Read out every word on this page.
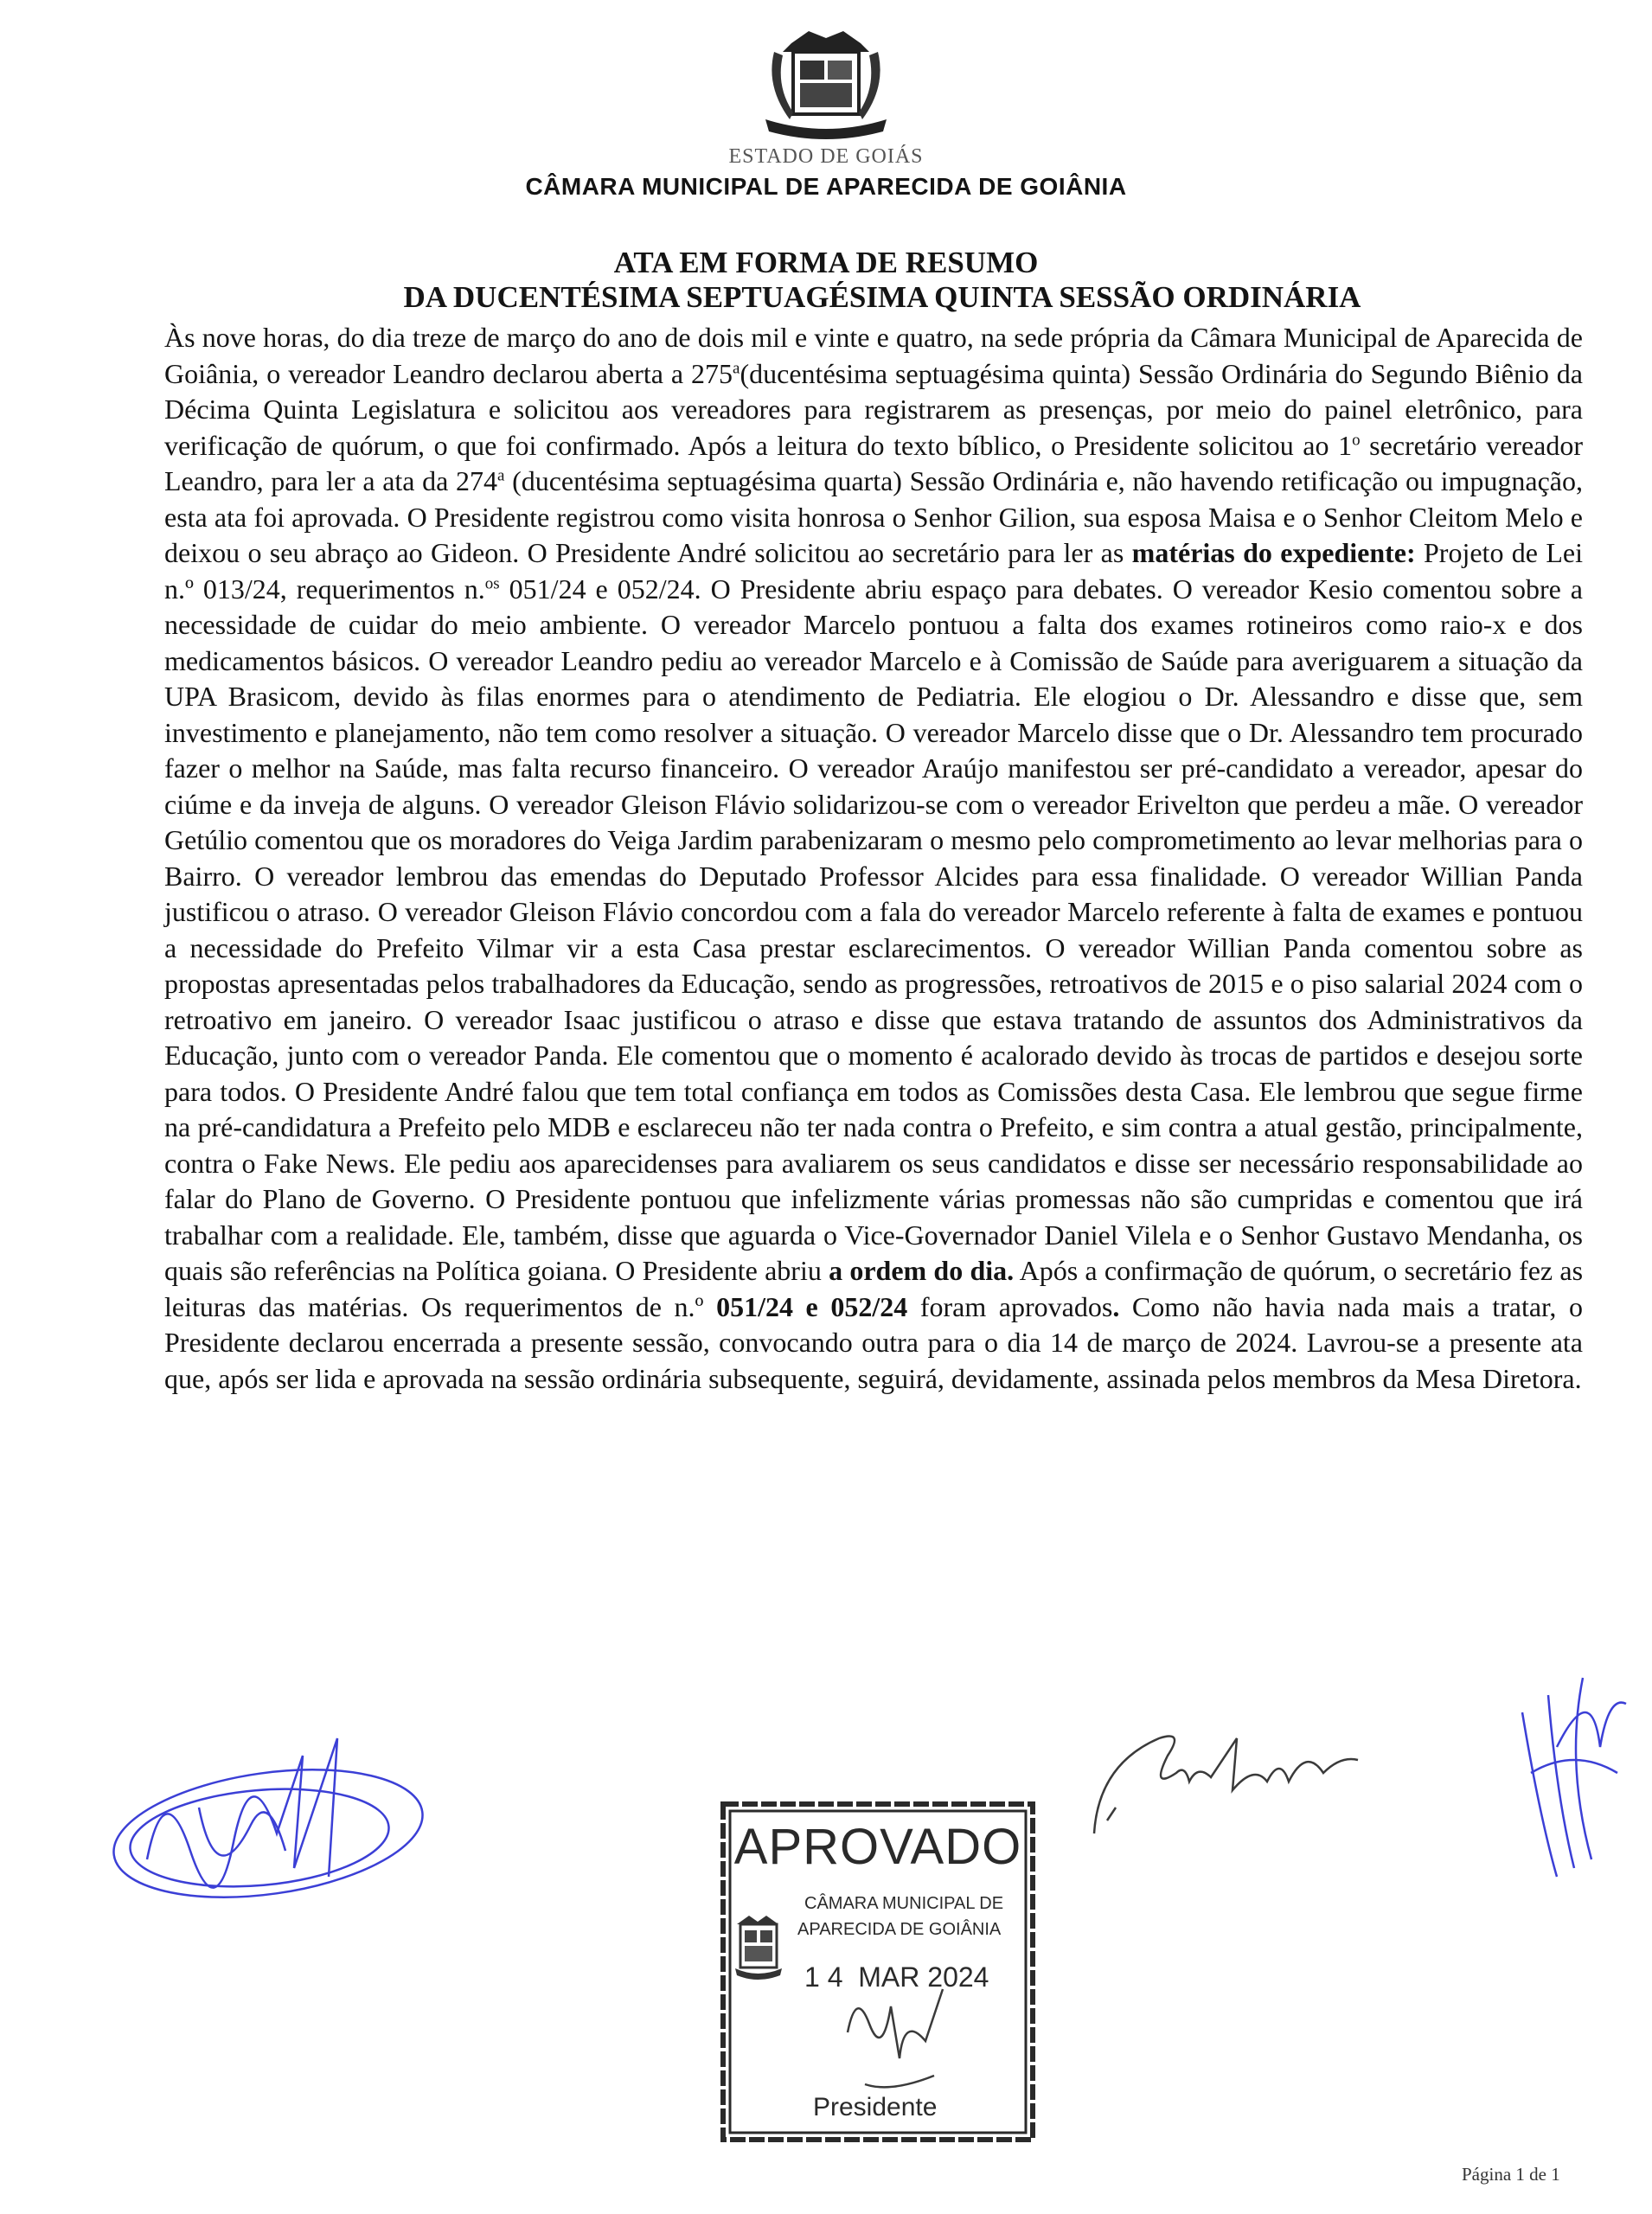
ESTADO DE GOIÁS
CÂMARA MUNICIPAL DE APARECIDA DE GOIÂNIA
ATA EM FORMA DE RESUMO
DA DUCENTÉSIMA SEPTUAGÉSIMA QUINTA SESSÃO ORDINÁRIA
Às nove horas, do dia treze de março do ano de dois mil e vinte e quatro, na sede própria da Câmara Municipal de Aparecida de Goiânia, o vereador Leandro declarou aberta a 275$^a$(ducentésima septuagésima quinta) Sessão Ordinária do Segundo Biênio da Décima Quinta Legislatura e solicitou aos vereadores para registrarem as presenças, por meio do painel eletrônico, para verificação de quórum, o que foi confirmado. Após a leitura do texto bíblico, o Presidente solicitou ao 1$^o$ secretário vereador Leandro, para ler a ata da 274$^a$ (ducentésima septuagésima quarta) Sessão Ordinária e, não havendo retificação ou impugnação, esta ata foi aprovada. O Presidente registrou como visita honrosa o Senhor Gilion, sua esposa Maisa e o Senhor Cleitom Melo e deixou o seu abraço ao Gideon. O Presidente André solicitou ao secretário para ler as matérias do expediente: Projeto de Lei n.º 013/24, requerimentos n.$^{os}$ 051/24 e 052/24. O Presidente abriu espaço para debates. O vereador Kesio comentou sobre a necessidade de cuidar do meio ambiente. O vereador Marcelo pontuou a falta dos exames rotineiros como raio-x e dos medicamentos básicos. O vereador Leandro pediu ao vereador Marcelo e à Comissão de Saúde para averiguarem a situação da UPA Brasicom, devido às filas enormes para o atendimento de Pediatria. Ele elogiou o Dr. Alessandro e disse que, sem investimento e planejamento, não tem como resolver a situação. O vereador Marcelo disse que o Dr. Alessandro tem procurado fazer o melhor na Saúde, mas falta recurso financeiro. O vereador Araújo manifestou ser pré-candidato a vereador, apesar do ciúme e da inveja de alguns. O vereador Gleison Flávio solidarizou-se com o vereador Erivelton que perdeu a mãe. O vereador Getúlio comentou que os moradores do Veiga Jardim parabenizaram o mesmo pelo comprometimento ao levar melhorias para o Bairro. O vereador lembrou das emendas do Deputado Professor Alcides para essa finalidade. O vereador Willian Panda justificou o atraso. O vereador Gleison Flávio concordou com a fala do vereador Marcelo referente à falta de exames e pontuou a necessidade do Prefeito Vilmar vir a esta Casa prestar esclarecimentos. O vereador Willian Panda comentou sobre as propostas apresentadas pelos trabalhadores da Educação, sendo as progressões, retroativos de 2015 e o piso salarial 2024 com o retroativo em janeiro. O vereador Isaac justificou o atraso e disse que estava tratando de assuntos dos Administrativos da Educação, junto com o vereador Panda. Ele comentou que o momento é acalorado devido às trocas de partidos e desejou sorte para todos. O Presidente André falou que tem total confiança em todos as Comissões desta Casa. Ele lembrou que segue firme na pré-candidatura a Prefeito pelo MDB e esclareceu não ter nada contra o Prefeito, e sim contra a atual gestão, principalmente, contra o Fake News. Ele pediu aos aparecidenses para avaliarem os seus candidatos e disse ser necessário responsabilidade ao falar do Plano de Governo. O Presidente pontuou que infelizmente várias promessas não são cumpridas e comentou que irá trabalhar com a realidade. Ele, também, disse que aguarda o Vice-Governador Daniel Vilela e o Senhor Gustavo Mendanha, os quais são referências na Política goiana. O Presidente abriu a ordem do dia. Após a confirmação de quórum, o secretário fez as leituras das matérias. Os requerimentos de n.º 051/24 e 052/24 foram aprovados. Como não havia nada mais a tratar, o Presidente declarou encerrada a presente sessão, convocando outra para o dia 14 de março de 2024. Lavrou-se a presente ata que, após ser lida e aprovada na sessão ordinária subsequente, seguirá, devidamente, assinada pelos membros da Mesa Diretora.
APROVADO
CÂMARA MUNICIPAL DE
APARECIDA DE GOIÂNIA
1 4  MAR 2024
Presidente
Página 1 de 1
